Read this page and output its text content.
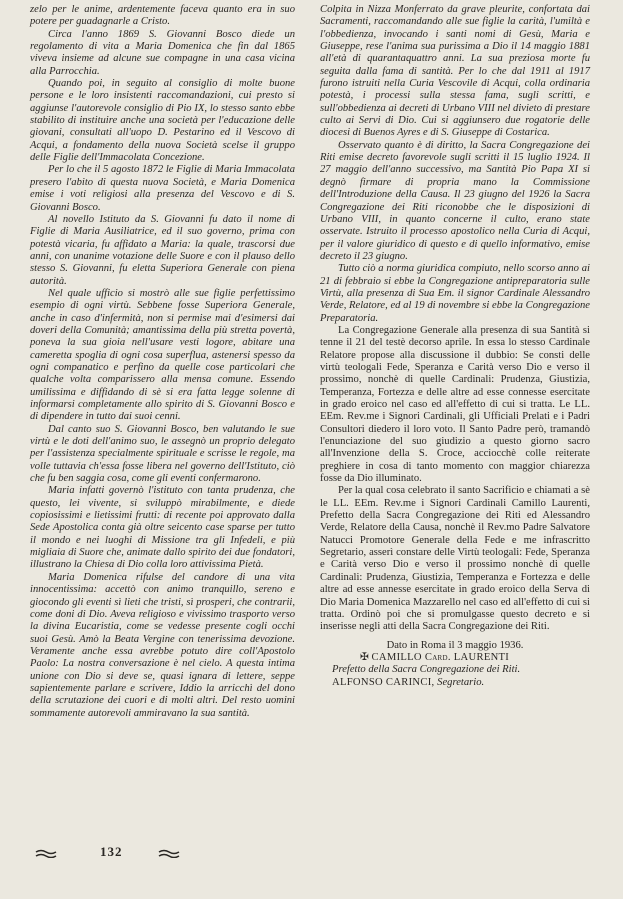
zelo per le anime, ardentemente faceva quanto era in suo potere per guadagnarle a Cristo.

Circa l'anno 1869 S. Giovanni Bosco diede un regolamento di vita a Maria Domenica che fin dal 1865 viveva insieme ad alcune sue compagne in una casa vicina alla Parrocchia.

Quando poi, in seguito al consiglio di molte buone persone e le loro insistenti raccomandazioni, cui presto si aggiunse l'autorevole consiglio di Pio IX, lo stesso santo ebbe stabilito di instituire anche una società per l'educazione delle giovani, consultati all'uopo D. Pestarino ed il Vescovo di Acqui, a fondamento della nuova Società scelse il gruppo delle Figlie dell'Immacolata Concezione.

Per lo che il 5 agosto 1872 le Figlie di Maria Immacolata presero l'abito di questa nuova Società, e Maria Domenica emise i voti religiosi alla presenza del Vescovo e di S. Giovanni Bosco.

Al novello Istituto da S. Giovanni fu dato il nome di Figlie di Maria Ausiliatrice, ed il suo governo, prima con potestà vicaria, fu affidato a Maria: la quale, trascorsi due anni, con unanime votazione delle Suore e con il plauso dello stesso S. Giovanni, fu eletta Superiora Generale con piena autorità.

Nel quale ufficio si mostrò alle sue figlie perfettissimo esempio di ogni virtù. Sebbene fosse Superiora Generale, anche in caso d'infermità, non si permise mai d'esimersi dai doveri della Comunità; amantissima della più stretta povertà, poneva la sua gioia nell'usare vesti logore, abitare una cameretta spoglia di ogni cosa superflua, astenersi spesso da ogni companatico e perfino da quelle cose particolari che qualche volta comparissero alla mensa comune. Essendo umilissima e diffidando di sè si era fatta legge solenne di informarsi completamente allo spirito di S. Giovanni Bosco e di dipendere in tutto dai suoi cenni.

Dal canto suo S. Giovanni Bosco, ben valutando le sue virtù e le doti dell'animo suo, le assegnò un proprio delegato per l'assistenza specialmente spirituale e scrisse le regole, ma volle tuttavia ch'essa fosse libera nel governo dell'Istituto, ciò che fu ben saggia cosa, come gli eventi confermarono.

Maria infatti governò l'istituto con tanta prudenza, che questo, lei vivente, si sviluppò mirabilmente, e diede copiosissimi e lietissimi frutti: di recente poi approvato dalla Sede Apostolica conta già oltre seicento case sparse per tutto il mondo e nei luoghi di Missione tra gli Infedeli, e più migliaia di Suore che, animate dallo spirito dei due fondatori, illustrano la Chiesa di Dio colla loro attivissima Pietà.

Maria Domenica rifulse del candore di una vita innocentissima: accettò con animo tranquillo, sereno e giocondo gli eventi sì lieti che tristi, sì prosperi, che contrarii, come doni di Dio. Aveva religioso e vivissimo trasporto verso la divina Eucaristia, come se vedesse presente cogli occhi suoi Gesù. Amò la Beata Vergine con tenerissima devozione. Veramente anche essa avrebbe potuto dire coll'Apostolo Paolo: La nostra conversazione è nel cielo. A questa intima unione con Dio si deve se, quasi ignara di lettere, seppe sapientemente parlare e scrivere, Iddio la arricchì del dono della scrutazione dei cuori e di molti altri. Del resto uomini sommamente autorevoli ammiravano la sua santità.

Colpita in Nizza Monferrato da grave pleurite, confortata dai Sacramenti, raccomandando alle sue figlie la carità, l'umiltà e l'obbedienza, invocando i santi nomi di Gesù, Maria e Giuseppe, rese l'anima sua purissima a Dio il 14 maggio 1881 all'età di quarantaquattro anni. La sua preziosa morte fu seguita dalla fama di santità. Per lo che dal 1911 al 1917 furono istruiti nella Curia Vescovile di Acqui, colla ordinaria potestà, i processi sulla stessa fama, sugli scritti, e sull'obbedienza ai decreti di Urbano VIII nel divieto di prestare culto ai Servi di Dio. Cui si aggiunsero due rogatorie delle diocesi di Buenos Ayres e di S. Giuseppe di Costarica.

Osservato quanto è di diritto, la Sacra Congregazione dei Riti emise decreto favorevole sugli scritti il 15 luglio 1924. Il 27 maggio dell'anno successivo, ma Santità Pio Papa XI si degnò firmare di propria mano la Commissione dell'Introduzione della Causa. Il 23 giugno del 1926 la Sacra Congregazione dei Riti riconobbe che le disposizioni di Urbano VIII, in quanto concerne il culto, erano state osservate. Istruito il processo apostolico nella Curia di Acqui, per il valore giuridico di questo e di quello informativo, emise decreto il 23 giugno.

Tutto ciò a norma giuridica compiuto, nello scorso anno ai 21 di febbraio si ebbe la Congregazione antipreparatoria sulle Virtù, alla presenza di Sua Em. il signor Cardinale Alessandro Verde, Relatore, ed al 19 di novembre si ebbe la Congregazione Preparatoria.

La Congregazione Generale alla presenza di sua Santità si tenne il 21 del testè decorso aprile. In essa lo stesso Cardinale Relatore propose alla discussione il dubbio: Se consti delle virtù teologali Fede, Speranza e Carità verso Dio e verso il prossimo, nonchè di quelle Cardinali: Prudenza, Giustizia, Temperanza, Fortezza e delle altre ad esse connesse esercitate in grado eroico nel caso ed all'effetto di cui si tratta. Le LL. EEm. Rev.me i Signori Cardinali, gli Ufficiali Prelati e i Padri Consultori diedero il loro voto. Il Santo Padre però, tramandò l'enunciazione del suo giudizio a questo giorno sacro all'Invenzione della S. Croce, acciocchè colle reiterate preghiere in cosa di tanto momento con maggior chiarezza fosse da Dio illuminato.

Per la qual cosa celebrato il santo Sacrificio e chiamati a sè le LL. EEm. Rev.me i Signori Cardinali Camillo Laurenti, Prefetto della Sacra Congregazione dei Riti ed Alessandro Verde, Relatore della Causa, nonchè il Rev.mo Padre Salvatore Natucci Promotore Generale della Fede e me infrascritto Segretario, asserì constare delle Virtù teologali: Fede, Speranza e Carità verso Dio e verso il prossimo nonchè di quelle Cardinali: Prudenza, Giustizia, Temperanza e Fortezza e delle altre ad esse annesse esercitate in grado eroico della Serva di Dio Maria Domenica Mazzarello nel caso ed all'effetto di cui si tratta. Ordinò poi che si promulgasse questo decreto e si inserisse negli atti della Sacra Congregazione dei Riti.

Dato in Roma il 3 maggio 1936.

✠ CAMILLO Card. LAURENTI

Prefetto della Sacra Congregazione dei Riti.

ALFONSO CARINCI, Segretario.

132
